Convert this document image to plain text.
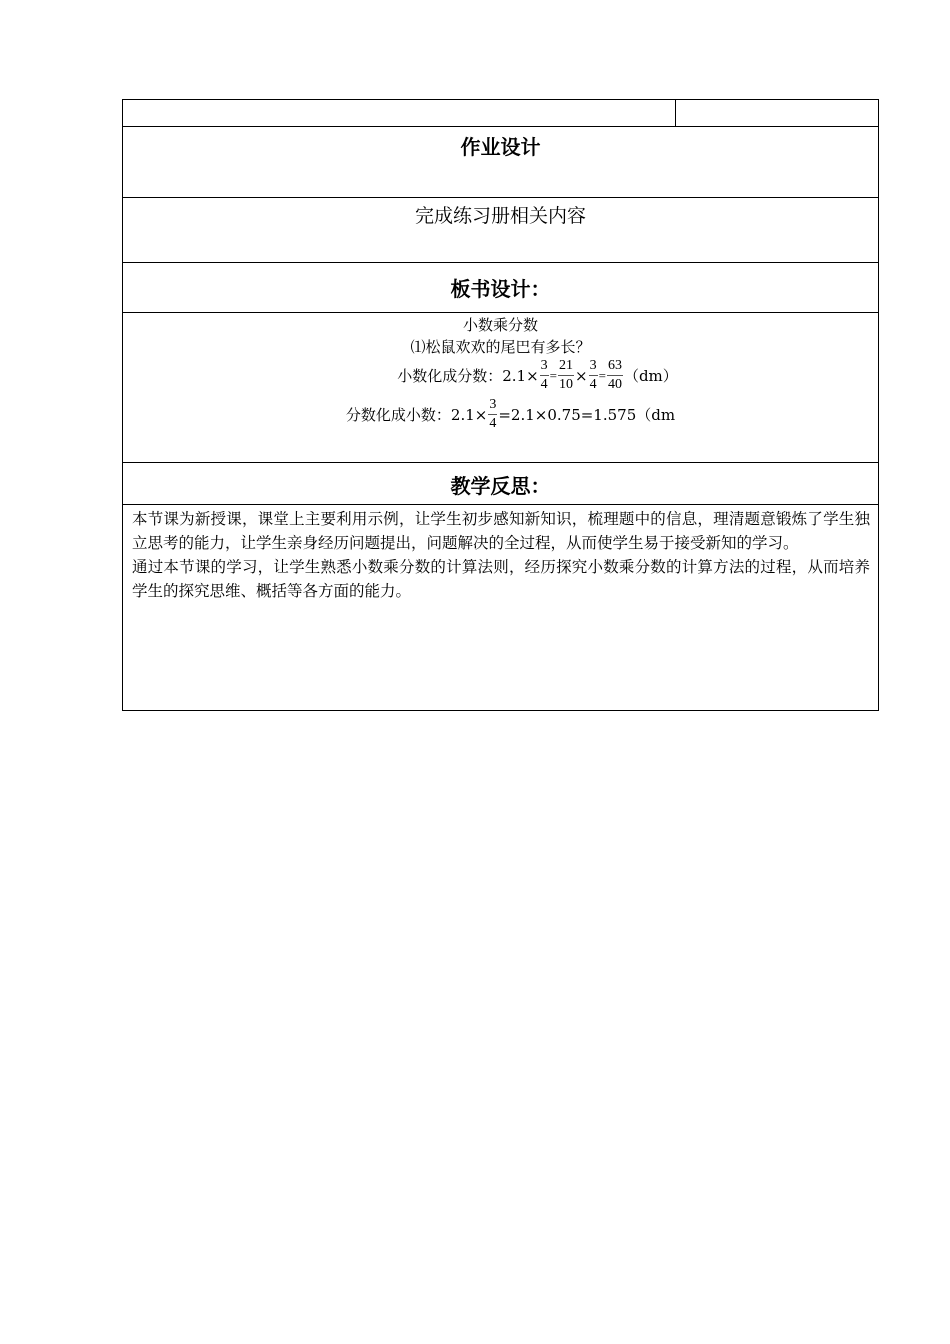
作业设计

完成练习册相关内容

板书设计：

小数乘分数
⑴松鼠欢欢的尾巴有多长？
小数化成分数：$2.1\times \frac{3}{4} = \frac{21}{10} \times \frac{3}{4} = \frac{63}{40} (dm)$
分数化成小数：$2.1\times \frac{3}{4} =2.1\times 0.75=1.575(dm$

教学反思：

本节课为新授课，课堂上主要利用示例，让学生初步感知新知识，梳理题中的信息，理清题意锻炼了学生独立思考的能力，让学生亲身经历问题提出，问题解决的全过程，从而使学生易于接受新知的学习。

通过本节课的学习，让学生熟悉小数乘分数的计算法则，经历探究小数乘分数的计算方法的过程，从而培养学生的探究思维、概括等各方面的能力。
